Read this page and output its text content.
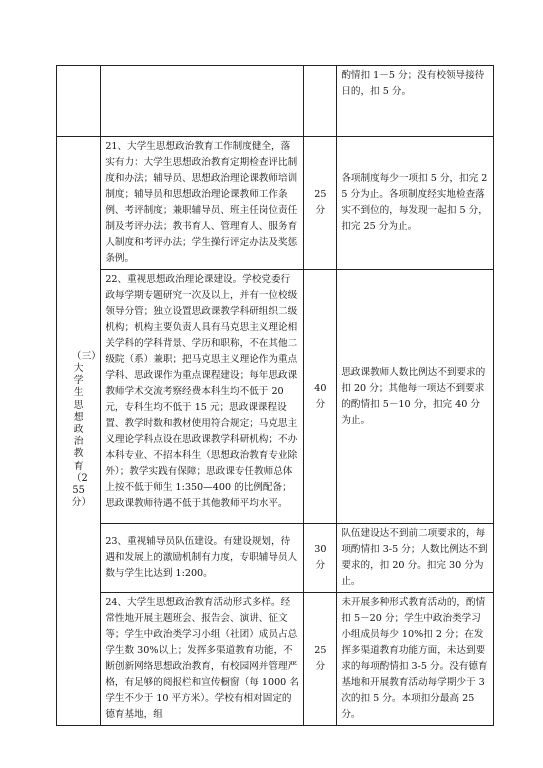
			酌情扣 1－5 分；没有校领导接待日的，扣 5 分。
（三）大学生思想政治教育（255分）	21、大学生思想政治教育工作制度健全，落实有力：大学生思想政治教育定期检查评比制度和办法；辅导员、思想政治理论课教师培训制度；辅导员和思想政治理论课教师工作条例、考评制度；兼职辅导员、班主任岗位责任制及考评办法；教书育人、管理育人、服务育人制度和考评办法；学生操行评定办法及奖惩条例。	25 分	各项制度每少一项扣 5 分，扣完 25 分为止。各项制度经实地检查落实不到位的，每发现一起扣 5 分，扣完 25 分为止。
	22、重视思想政治理论课建设。学校党委行政每学期专题研究一次及以上，并有一位校级领导分管；独立设置思政课教学科研组织二级机构；机构主要负责人具有马克思主义理论相关学科的学科背景、学历和职称，不在其他二级院（系）兼职；把马克思主义理论作为重点学科、思政课作为重点课程建设；每年思政课教师学术交流考察经费本科生均不低于 20 元，专科生均不低于 15 元；思政课课程设置、教学时数和教材使用符合规定；马克思主义理论学科点设在思政课教学科研机构；不办本科专业、不招本科生（思想政治教育专业除外）；教学实践有保障；思政课专任教师总体上按不低于师生 1:350—400 的比例配备；思政课教师待遇不低于其他教师平均水平。	40 分	思政课教师人数比例达不到要求的扣 20 分；其他每一项达不到要求的酌情扣 5－10 分，扣完 40 分为止。
	23、重视辅导员队伍建设。有建设规划，待遇和发展上的激励机制有力度，专职辅导员人数与学生比达到 1:200。	30 分	队伍建设达不到前二项要求的，每项酌情扣 3-5 分；人数比例达不到要求的，扣 20 分。扣完 30 分为止。
	24、大学生思想政治教育活动形式多样。经常性地开展主题班会、报告会、演讲、征文等；学生中政治类学习小组（社团）成员占总学生数 30%以上；发挥多渠道教育功能，不断创新网络思想政治教育，有校园网并管理严格，有足够的阅报栏和宣传橱窗（每 1000 名学生不少于 10 平方米）。学校有相对固定的德育基地，组	25 分	未开展多种形式教育活动的，酌情扣 5－20 分；学生中政治类学习小组成员每少 10%扣 2 分；在发挥多渠道教育功能方面，未达到要求的每项酌情扣 3-5 分。没有德育基地和开展教育活动每学期少于 3 次的扣 5 分。本项扣分最高 25 分。
